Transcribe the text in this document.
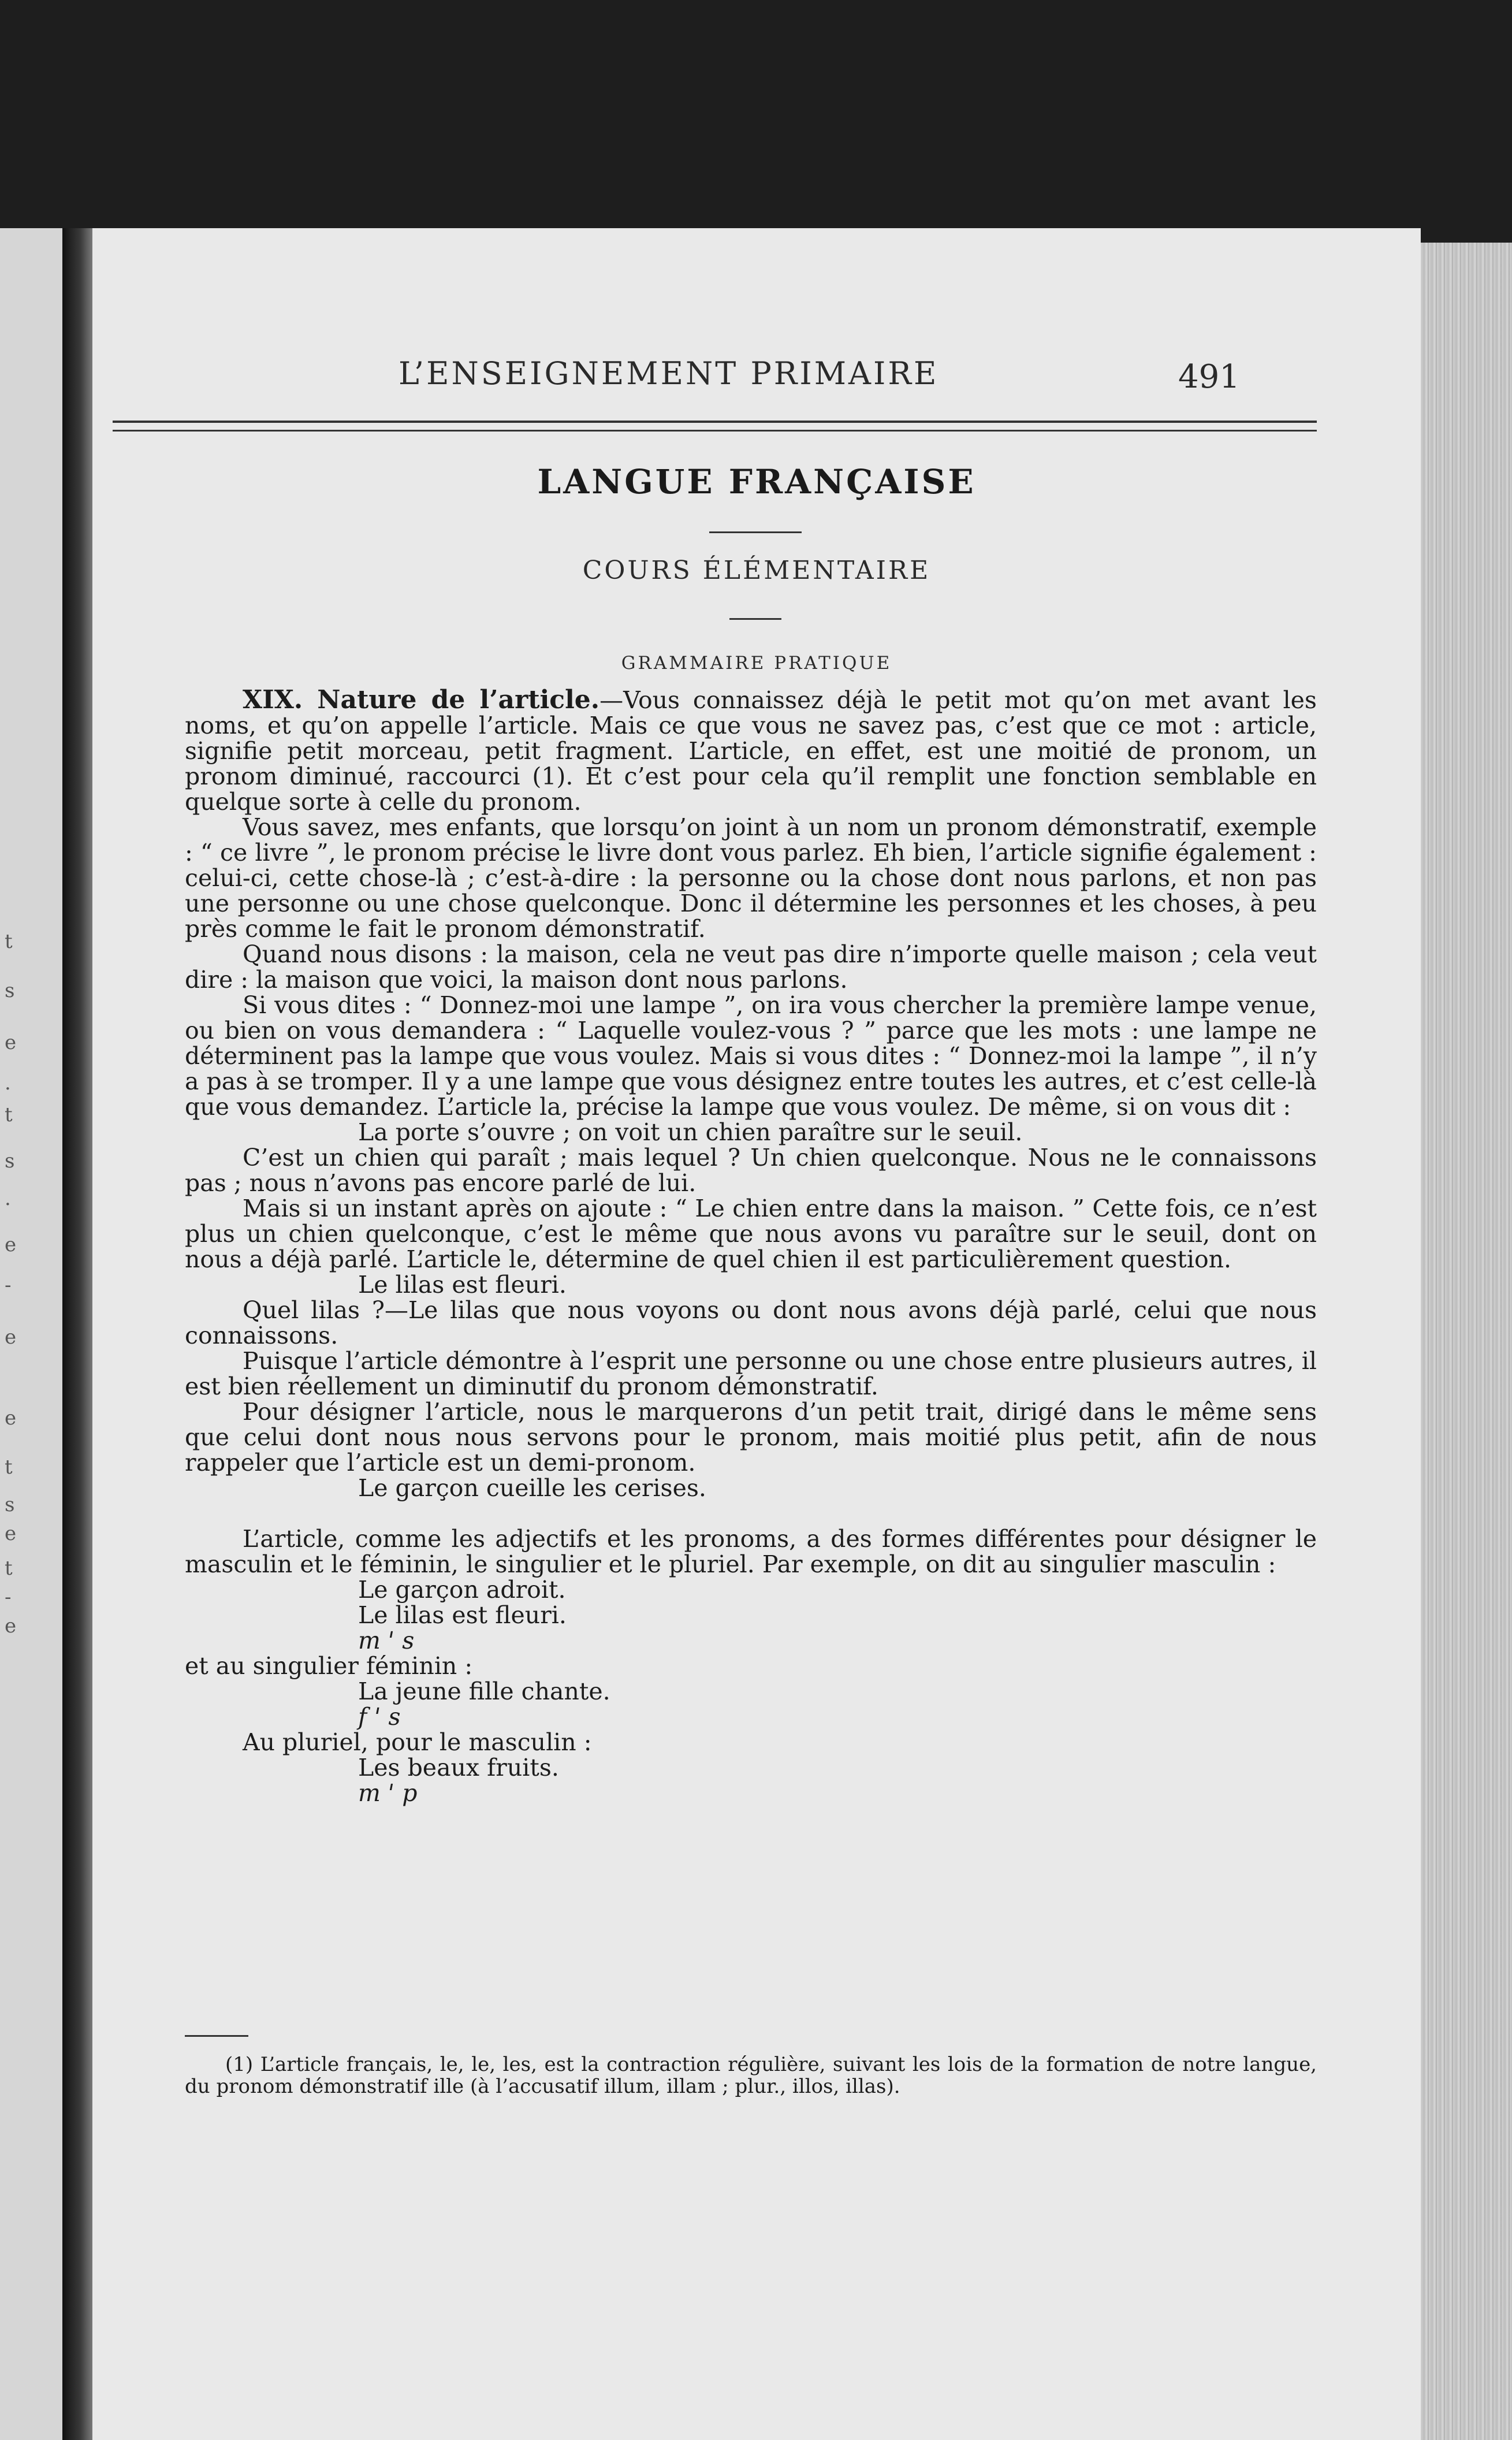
t
s
e
.
t
s
.
e
-
e
e
t
s
e
t
-
e
L’ENSEIGNEMENT PRIMAIRE	491
LANGUE FRANÇAISE
COURS ÉLÉMENTAIRE
GRAMMAIRE PRATIQUE

XIX. Nature de l’article.—Vous connaissez déjà le petit mot qu’on met avant les noms, et qu’on appelle l’article. Mais ce que vous ne savez pas, c’est que ce mot : article, signifie petit morceau, petit fragment. L’article, en effet, est une moitié de pronom, un pronom diminué, raccourci (1). Et c’est pour cela qu’il remplit une fonction semblable en quelque sorte à celle du pronom.

Vous savez, mes enfants, que lorsqu’on joint à un nom un pronom démonstratif, exemple : “ ce livre ”, le pronom précise le livre dont vous parlez. Eh bien, l’article signifie également : celui-ci, cette chose-là ; c’est-à-dire : la personne ou la chose dont nous parlons, et non pas une personne ou une chose quelconque. Donc il détermine les personnes et les choses, à peu près comme le fait le pronom démonstratif.

Quand nous disons : la maison, cela ne veut pas dire n’importe quelle maison ; cela veut dire : la maison que voici, la maison dont nous parlons.

Si vous dites : “ Donnez-moi une lampe ”, on ira vous chercher la première lampe venue, ou bien on vous demandera : “ Laquelle voulez-vous ? ” parce que les mots : une lampe ne déterminent pas la lampe que vous voulez. Mais si vous dites : “ Donnez-moi la lampe ”, il n’y a pas à se tromper. Il y a une lampe que vous désignez entre toutes les autres, et c’est celle-là que vous demandez. L’article la, précise la lampe que vous voulez. De même, si on vous dit :

La porte s’ouvre ; on voit un chien paraître sur le seuil.

C’est un chien qui paraît ; mais lequel ? Un chien quelconque. Nous ne le connaissons pas ; nous n’avons pas encore parlé de lui.

Mais si un instant après on ajoute : “ Le chien entre dans la maison. ” Cette fois, ce n’est plus un chien quelconque, c’est le même que nous avons vu paraître sur le seuil, dont on nous a déjà parlé. L’article le, détermine de quel chien il est particulièrement question.

Le lilas est fleuri.

Quel lilas ?—Le lilas que nous voyons ou dont nous avons déjà parlé, celui que nous connaissons.

Puisque l’article démontre à l’esprit une personne ou une chose entre plusieurs autres, il est bien réellement un diminutif du pronom démonstratif.

Pour désigner l’article, nous le marquerons d’un petit trait, dirigé dans le même sens que celui dont nous nous servons pour le pronom, mais moitié plus petit, afin de nous rappeler que l’article est un demi-pronom.

Le garçon cueille les cerises.

L’article, comme les adjectifs et les pronoms, a des formes différentes pour désigner le masculin et le féminin, le singulier et le pluriel. Par exemple, on dit au singulier masculin :

Le garçon adroit.

Le lilas est fleuri.

m ꞌ s

et au singulier féminin :

La jeune fille chante.

f ꞌ s

Au pluriel, pour le masculin :

Les beaux fruits.

m ꞌ p

(1) L’article français, le, le, les, est la contraction régulière, suivant les lois de la formation de notre langue, du pronom démonstratif ille (à l’accusatif illum, illam ; plur., illos, illas).
